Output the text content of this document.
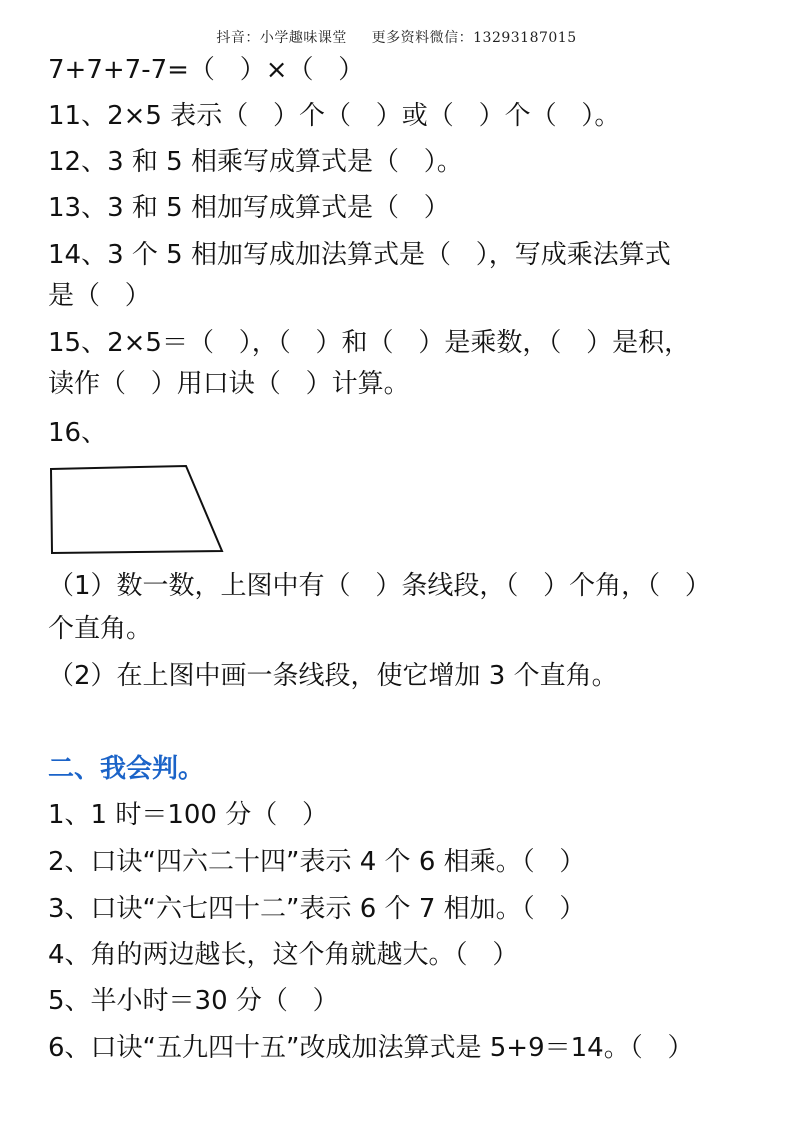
抖音：小学趣味课堂     更多资料微信：13293187015
7+7+7-7=（   ）×（   ）
11、2×5 表示（   ）个（   ）或（   ）个（   ）。
12、3 和 5 相乘写成算式是（   ）。
13、3 和 5 相加写成算式是（   ）
14、3 个 5 相加写成加法算式是（   ），写成乘法算式
是（   ）
15、2×5＝（   ），（   ）和（   ）是乘数，（   ）是积，
读作（   ）用口诀（   ）计算。
16、
（1）数一数，上图中有（   ）条线段，（   ）个角，（   ）
个直角。
（2）在上图中画一条线段，使它增加 3 个直角。
二、我会判。
1、1 时＝100 分（   ）
2、口诀“四六二十四”表示 4 个 6 相乘。（   ）
3、口诀“六七四十二”表示 6 个 7 相加。（   ）
4、角的两边越长，这个角就越大。（   ）
5、半小时＝30 分（   ）
6、口诀“五九四十五”改成加法算式是 5+9＝14。（   ）
